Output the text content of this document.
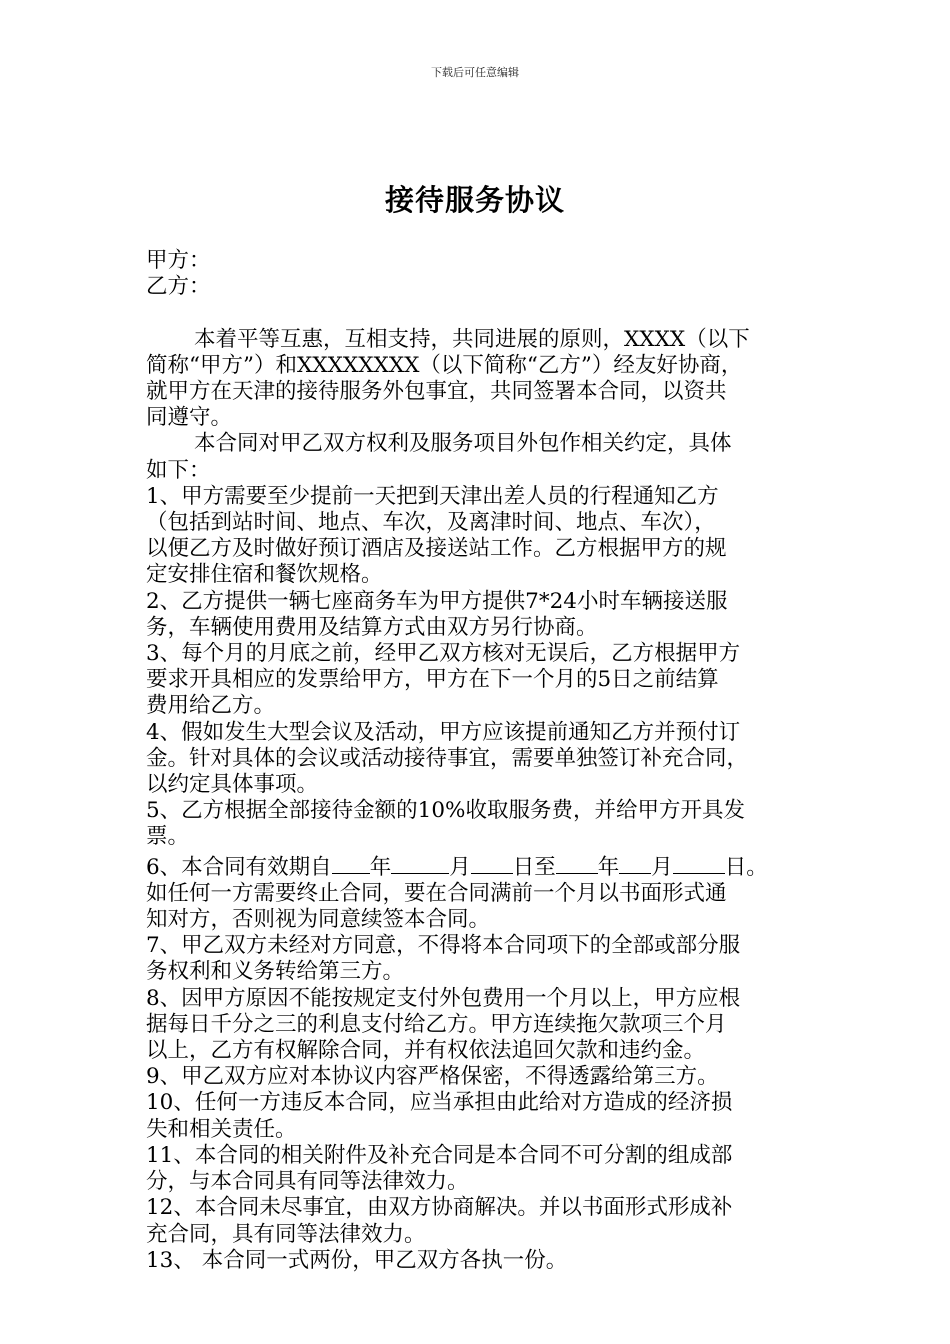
下载后可任意编辑
接待服务协议

甲方：

乙方：

本着平等互惠，互相支持，共同进展的原则，XXXX（以下

简称“甲方”）和XXXXXXXX（以下简称“乙方”）经友好协商，

就甲方在天津的接待服务外包事宜，共同签署本合同，以资共

同遵守。

本合同对甲乙双方权利及服务项目外包作相关约定，具体

如下：

1、甲方需要至少提前一天把到天津出差人员的行程通知乙方

（包括到站时间、地点、车次，及离津时间、地点、车次），

以便乙方及时做好预订酒店及接送站工作。乙方根据甲方的规

定安排住宿和餐饮规格。

2、乙方提供一辆七座商务车为甲方提供7*24小时车辆接送服

务，车辆使用费用及结算方式由双方另行协商。

3、每个月的月底之前，经甲乙双方核对无误后，乙方根据甲方

要求开具相应的发票给甲方，甲方在下一个月的5日之前结算

费用给乙方。

4、假如发生大型会议及活动，甲方应该提前通知乙方并预付订

金。针对具体的会议或活动接待事宜，需要单独签订补充合同，

以约定具体事项。

5、乙方根据全部接待金额的10%收取服务费，并给甲方开具发

票。

6、本合同有效期自 年	月 日至 年 月 日。

如任何一方需要终止合同，要在合同满前一个月以书面形式通

知对方，否则视为同意续签本合同。

7、甲乙双方未经对方同意，不得将本合同项下的全部或部分服

务权利和义务转给第三方。

8、因甲方原因不能按规定支付外包费用一个月以上，甲方应根

据每日千分之三的利息支付给乙方。甲方连续拖欠款项三个月

以上，乙方有权解除合同，并有权依法追回欠款和违约金。

9、甲乙双方应对本协议内容严格保密，不得透露给第三方。

10、任何一方违反本合同，应当承担由此给对方造成的经济损

失和相关责任。

11、本合同的相关附件及补充合同是本合同不可分割的组成部

分，与本合同具有同等法律效力。

12、本合同未尽事宜，由双方协商解决。并以书面形式形成补

充合同，具有同等法律效力。

13、 本合同一式两份，甲乙双方各执一份。
